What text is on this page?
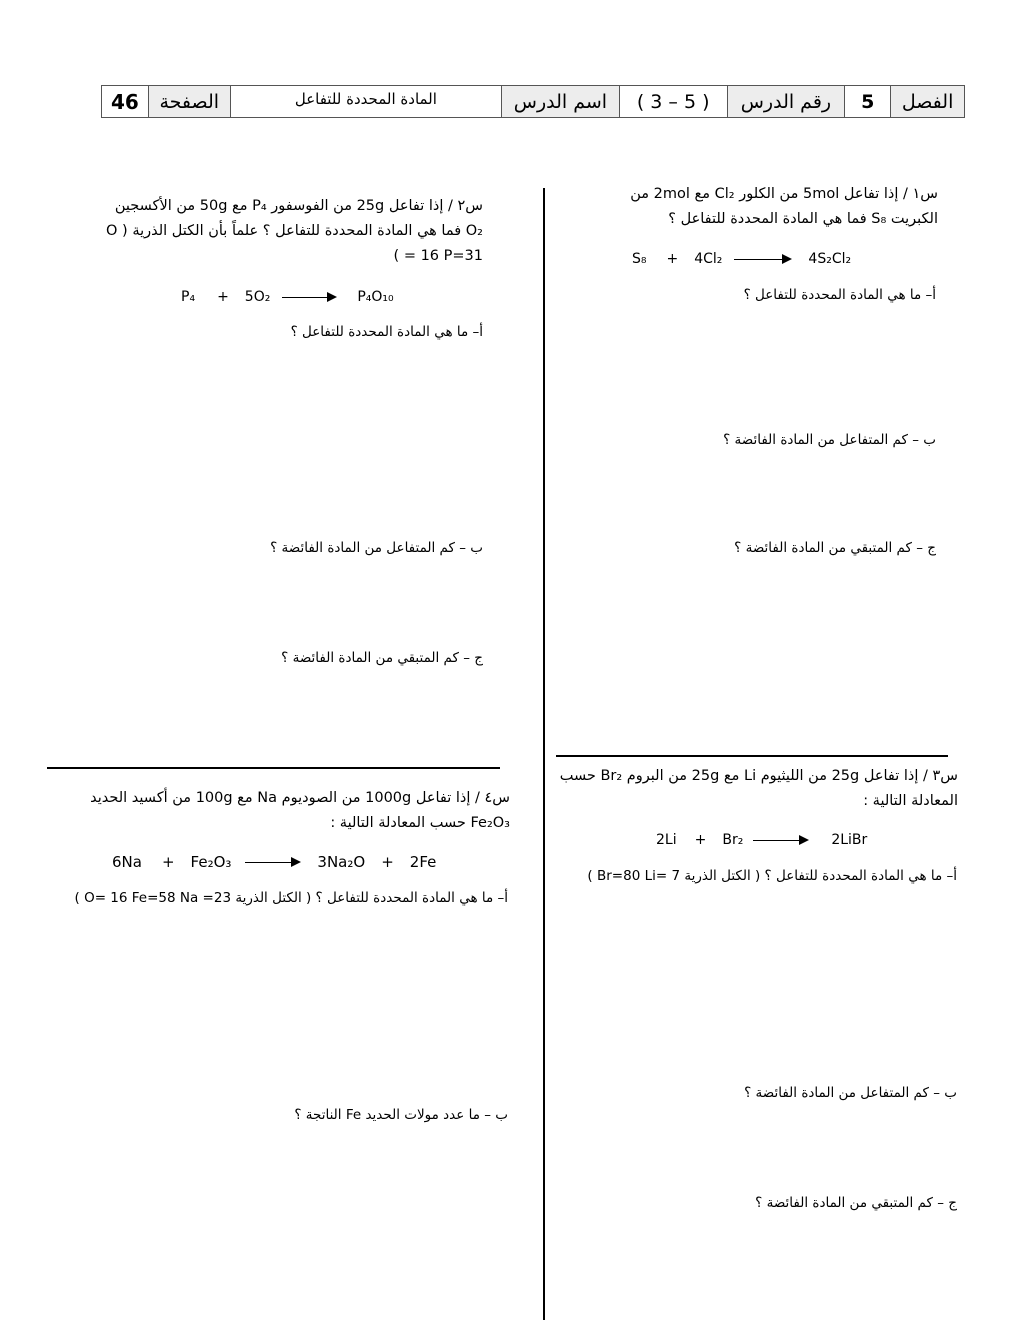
الفصل
5
رقم الدرس
( 3 – 5 )
اسم الدرس
المادة المحددة للتفاعل
الصفحة
46
س١ / إذا تفاعل 5mol من الكلور Cl₂ مع 2mol من الكبريت S₈ فما هي المادة المحددة للتفاعل ؟
S₈ + 4Cl₂	4S₂Cl₂
أ– ما هي المادة المحددة للتفاعل ؟
ب – كم المتفاعل من المادة الفائضة ؟
ج – كم المتبقي من المادة الفائضة ؟
س٢ / إذا تفاعل 25g من الفوسفور P₄ مع 50g من الأكسجين O₂ فما هي المادة المحددة للتفاعل ؟ علماً بأن الكتل الذرية ( O = 16 P=31 )
P₄ + 5O₂	P₄O₁₀
أ– ما هي المادة المحددة للتفاعل ؟
ب – كم المتفاعل من المادة الفائضة ؟
ج – كم المتبقي من المادة الفائضة ؟
س٣ / إذا تفاعل 25g من الليثيوم Li مع 25g من البروم Br₂ حسب المعادلة التالية :
2Li + Br₂	2LiBr
أ– ما هي المادة المحددة للتفاعل ؟ ( الكتل الذرية Br=80 Li= 7 )
ب – كم المتفاعل من المادة الفائضة ؟
ج – كم المتبقي من المادة الفائضة ؟
س٤ / إذا تفاعل 1000g من الصوديوم Na مع 100g من أكسيد الحديد Fe₂O₃ حسب المعادلة التالية :
6Na + Fe₂O₃	3Na₂O + 2Fe
أ– ما هي المادة المحددة للتفاعل ؟ ( الكتل الذرية O= 16 Fe=58 Na =23 )
ب – ما عدد مولات الحديد Fe الناتجة ؟
